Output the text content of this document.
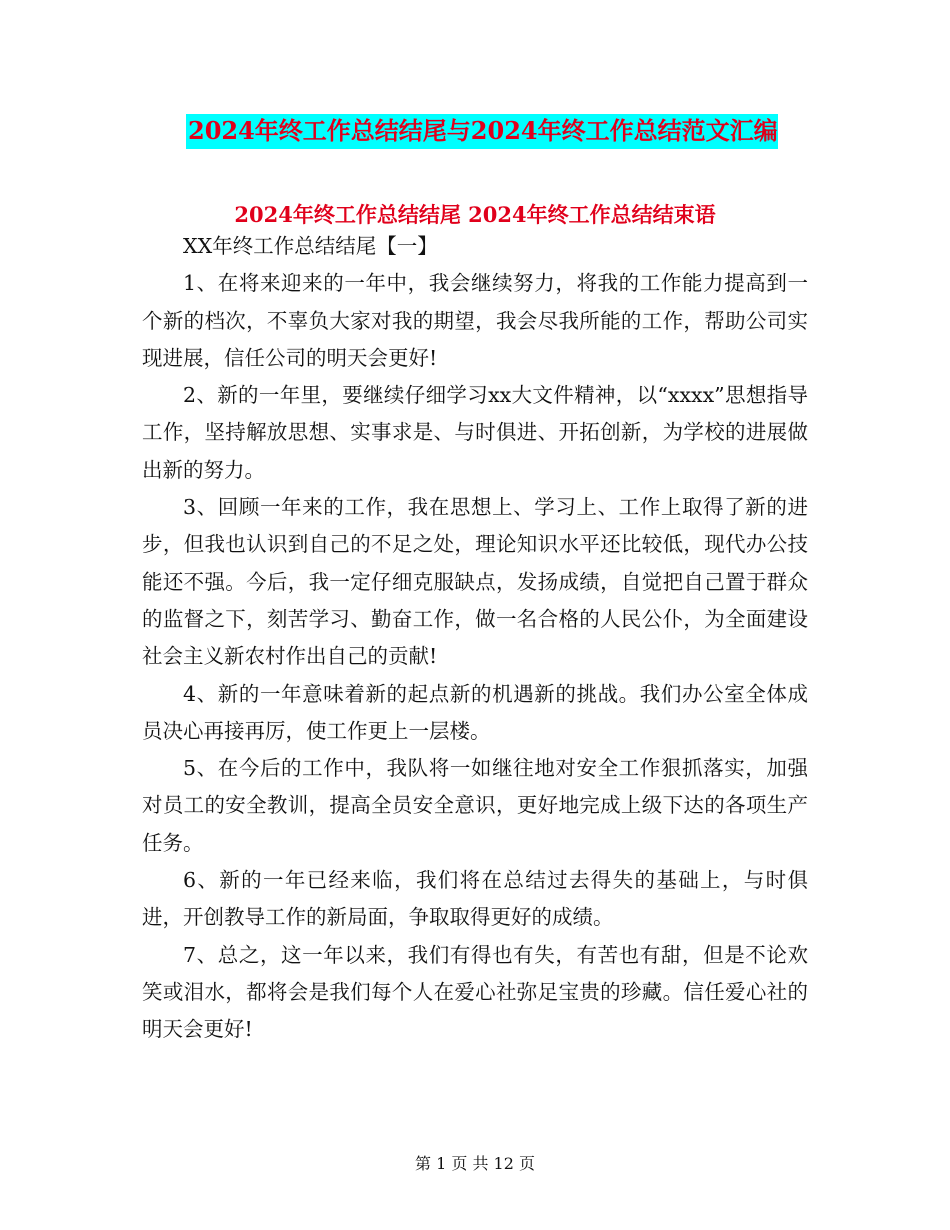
2024年终工作总结结尾与2024年终工作总结范文汇编
2024年终工作总结结尾 2024年终工作总结结束语

XX年终工作总结结尾【一】

1、在将来迎来的一年中，我会继续努力，将我的工作能力提高到一个新的档次，不辜负大家对我的期望，我会尽我所能的工作，帮助公司实现进展，信任公司的明天会更好!

2、新的一年里，要继续仔细学习xx大文件精神，以“xxxx”思想指导工作，坚持解放思想、实事求是、与时俱进、开拓创新，为学校的进展做出新的努力。

3、回顾一年来的工作，我在思想上、学习上、工作上取得了新的进步，但我也认识到自己的不足之处，理论知识水平还比较低，现代办公技能还不强。今后，我一定仔细克服缺点，发扬成绩，自觉把自己置于群众的监督之下，刻苦学习、勤奋工作，做一名合格的人民公仆，为全面建设社会主义新农村作出自己的贡献!

4、新的一年意味着新的起点新的机遇新的挑战。我们办公室全体成员决心再接再厉，使工作更上一层楼。

5、在今后的工作中，我队将一如继往地对安全工作狠抓落实，加强对员工的安全教训，提高全员安全意识，更好地完成上级下达的各项生产任务。

6、新的一年已经来临，我们将在总结过去得失的基础上，与时俱进，开创教导工作的新局面，争取取得更好的成绩。

7、总之，这一年以来，我们有得也有失，有苦也有甜，但是不论欢笑或泪水，都将会是我们每个人在爱心社弥足宝贵的珍藏。信任爱心社的明天会更好!

第 1 页 共 12 页
